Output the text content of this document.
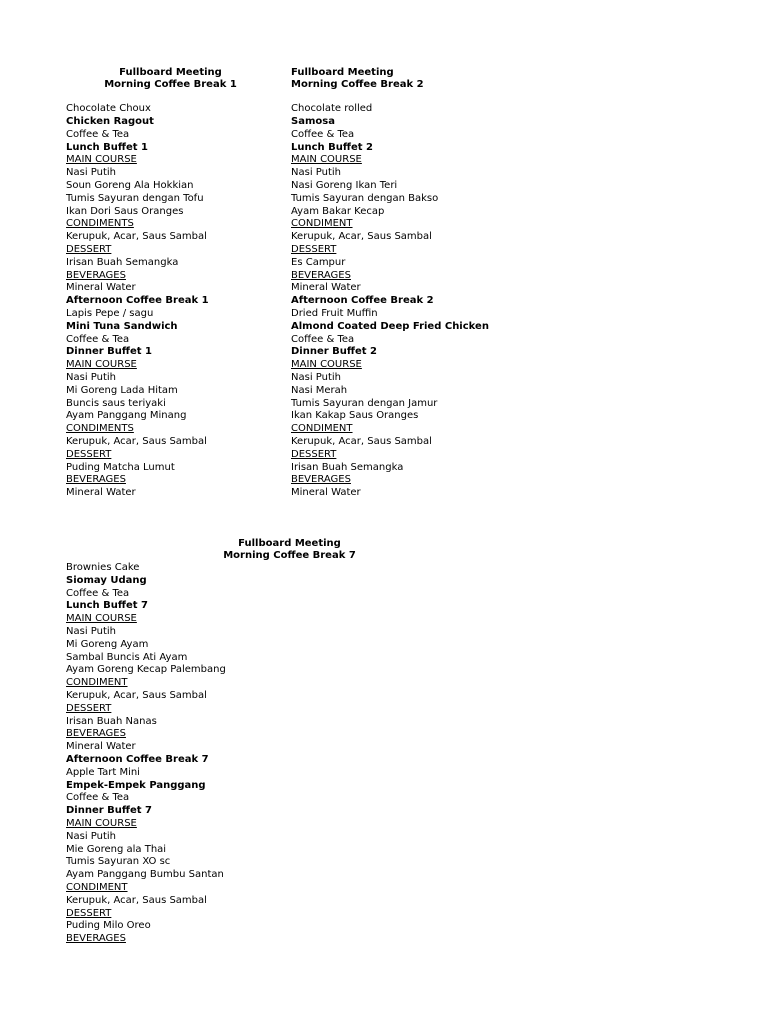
Fullboard Meeting
Morning Coffee Break 1
Chocolate Choux
Chicken Ragout
Coffee & Tea
Lunch Buffet 1
MAIN COURSE
Nasi Putih
Soun Goreng Ala Hokkian
Tumis Sayuran dengan Tofu
Ikan Dori Saus Oranges
CONDIMENTS
Kerupuk, Acar, Saus Sambal
DESSERT
Irisan Buah Semangka
BEVERAGES
Mineral Water
Afternoon Coffee Break 1
Lapis Pepe / sagu
Mini Tuna Sandwich
Coffee & Tea
Dinner Buffet 1
MAIN COURSE
Nasi Putih
Mi Goreng Lada Hitam
Buncis saus teriyaki
Ayam Panggang Minang
CONDIMENTS
Kerupuk, Acar, Saus Sambal
DESSERT
Puding Matcha Lumut
BEVERAGES
Mineral Water
Fullboard Meeting
Morning Coffee Break 2
Chocolate rolled
Samosa
Coffee & Tea
Lunch Buffet 2
MAIN COURSE
Nasi Putih
Nasi Goreng Ikan Teri
Tumis Sayuran dengan Bakso
Ayam Bakar Kecap
CONDIMENT
Kerupuk, Acar, Saus Sambal
DESSERT
Es Campur
BEVERAGES
Mineral Water
Afternoon Coffee Break 2
Dried Fruit Muffin
Almond Coated Deep Fried Chicken
Coffee & Tea
Dinner Buffet 2
MAIN COURSE
Nasi Putih
Nasi Merah
Tumis Sayuran dengan Jamur
Ikan Kakap Saus Oranges
CONDIMENT
Kerupuk, Acar, Saus Sambal
DESSERT
Irisan Buah Semangka
BEVERAGES
Mineral Water
Fullboard Meeting
Morning Coffee Break 7
Brownies Cake
Siomay Udang
Coffee & Tea
Lunch Buffet 7
MAIN COURSE
Nasi Putih
Mi Goreng Ayam
Sambal Buncis Ati Ayam
Ayam Goreng Kecap Palembang
CONDIMENT
Kerupuk, Acar, Saus Sambal
DESSERT
Irisan Buah Nanas
BEVERAGES
Mineral Water
Afternoon Coffee Break 7
Apple Tart Mini
Empek-Empek Panggang
Coffee & Tea
Dinner Buffet 7
MAIN COURSE
Nasi Putih
Mie Goreng ala Thai
Tumis Sayuran XO sc
Ayam Panggang Bumbu Santan
CONDIMENT
Kerupuk, Acar, Saus Sambal
DESSERT
Puding Milo Oreo
BEVERAGES
